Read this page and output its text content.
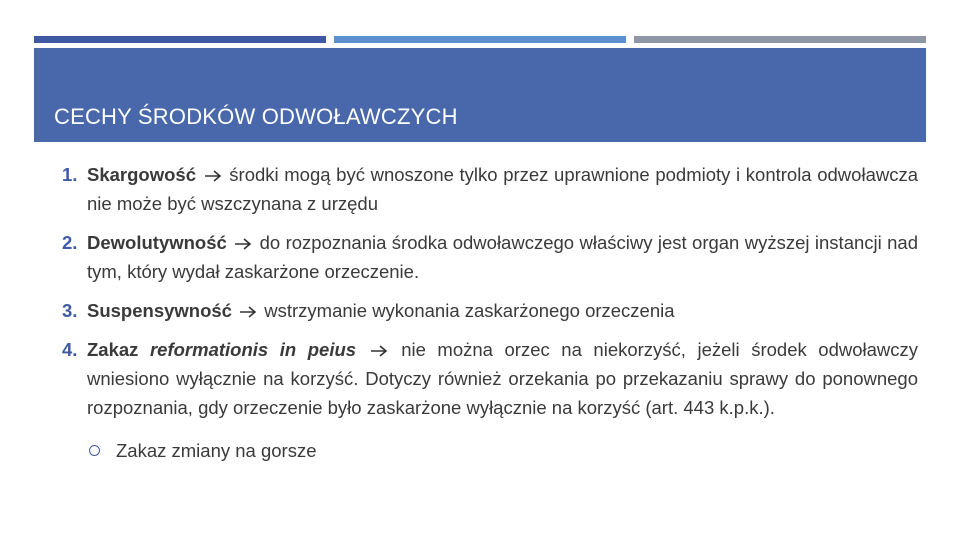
CECHY ŚRODKÓW ODWOŁAWCZYCH
1. Skargowość środki mogą być wnoszone tylko przez uprawnione podmioty i kontrola odwoławcza nie może być wszczynana z urzędu
2. Dewolutywność do rozpoznania środka odwoławczego właściwy jest organ wyższej instancji nad tym, który wydał zaskarżone orzeczenie.
3. Suspensywność wstrzymanie wykonania zaskarżonego orzeczenia
4. Zakaz reformationis in peius nie można orzec na niekorzyść, jeżeli środek odwoławczy wniesiono wyłącznie na korzyść. Dotyczy również orzekania po przekazaniu sprawy do ponownego rozpoznania, gdy orzeczenie było zaskarżone wyłącznie na korzyść (art. 443 k.p.k.).
Zakaz zmiany na gorsze
